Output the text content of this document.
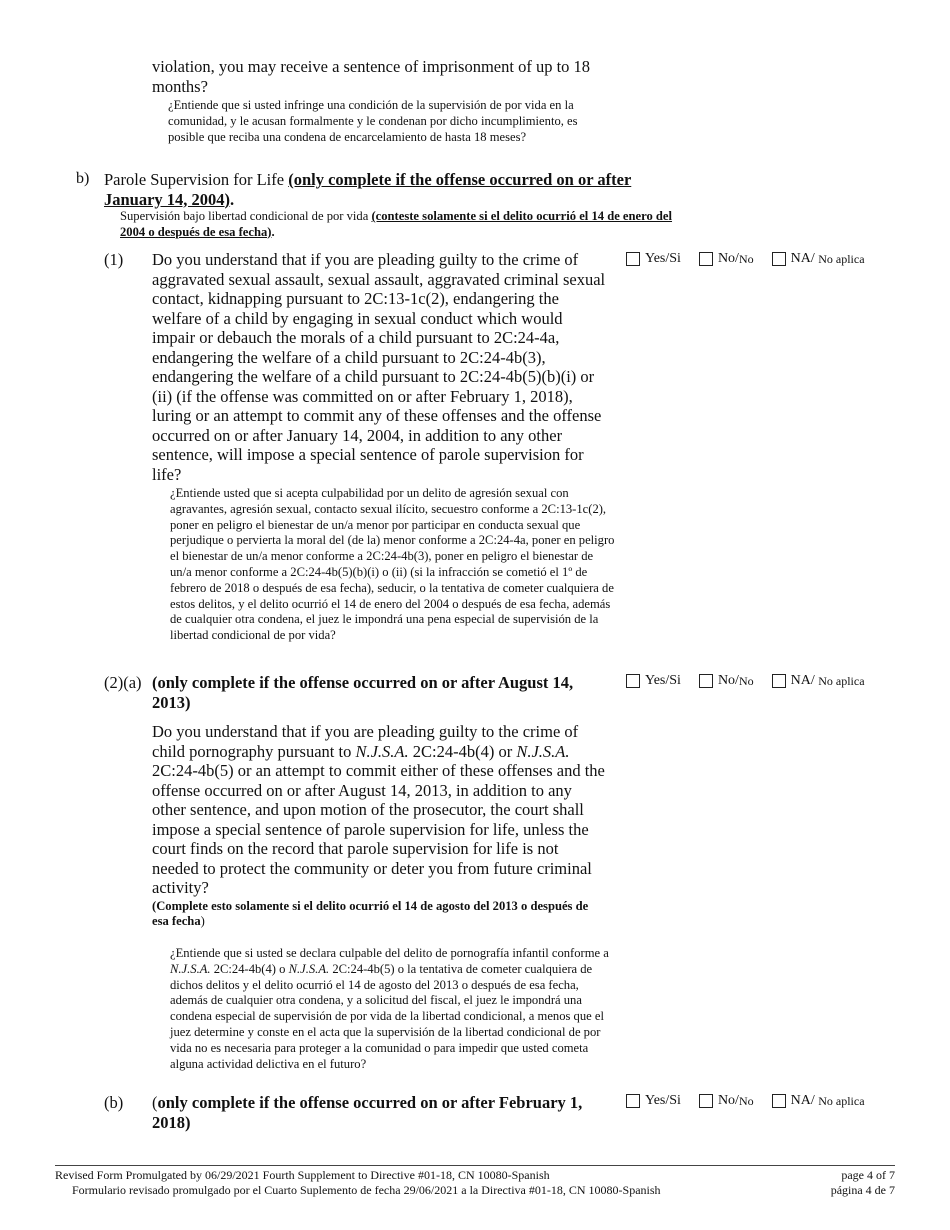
violation, you may receive a sentence of imprisonment of up to 18 months?

¿Entiende que si usted infringe una condición de la supervisión de por vida en la comunidad, y le acusan formalmente y le condenan por dicho incumplimiento, es posible que reciba una condena de encarcelamiento de hasta 18 meses?

b) Parole Supervision for Life (only complete if the offense occurred on or after January 14, 2004).
Supervisión bajo libertad condicional de por vida (conteste solamente si el delito ocurrió el 14 de enero del 2004 o después de esa fecha).
(1) Do you understand that if you are pleading guilty to the crime of aggravated sexual assault, sexual assault, aggravated criminal sexual contact, kidnapping pursuant to 2C:13-1c(2), endangering the welfare of a child by engaging in sexual conduct which would impair or debauch the morals of a child pursuant to 2C:24-4a, endangering the welfare of a child pursuant to 2C:24-4b(3), endangering the welfare of a child pursuant to 2C:24-4b(5)(b)(i) or (ii) (if the offense was committed on or after February 1, 2018), luring or an attempt to commit any of these offenses and the offense occurred on or after January 14, 2004, in addition to any other sentence, will impose a special sentence of parole supervision for life?

¿Entiende usted que si acepta culpabilidad por un delito de agresión sexual con agravantes, agresión sexual, contacto sexual ilícito, secuestro conforme a 2C:13-1c(2), poner en peligro el bienestar de un/a menor por participar en conducta sexual que perjudique o pervierta la moral del (de la) menor conforme a 2C:24-4a, poner en peligro el bienestar de un/a menor conforme a 2C:24-4b(3), poner en peligro el bienestar de un/a menor conforme a 2C:24-4b(5)(b)(i) o (ii) (si la infracción se cometió el 1º de febrero de 2018 o después de esa fecha), seducir, o la tentativa de cometer cualquiera de estos delitos, y el delito ocurrió el 14 de enero del 2004 o después de esa fecha, además de cualquier otra condena, el juez le impondrá una pena especial de supervisión de la libertad condicional de por vida?

Yes/Si	No/ No	NA/
No aplica
(2)(a) (only complete if the offense occurred on or after August 14, 2013)

Do you understand that if you are pleading guilty to the crime of child pornography pursuant to N.J.S.A. 2C:24-4b(4) or N.J.S.A. 2C:24-4b(5) or an attempt to commit either of these offenses and the offense occurred on or after August 14, 2013, in addition to any other sentence, and upon motion of the prosecutor, the court shall impose a special sentence of parole supervision for life, unless the court finds on the record that parole supervision for life is not needed to protect the community or deter you from future criminal activity?

(Complete esto solamente si el delito ocurrió el 14 de agosto del 2013 o después de esa fecha)

¿Entiende que si usted se declara culpable del delito de pornografía infantil conforme a N.J.S.A. 2C:24-4b(4) o N.J.S.A. 2C:24-4b(5) o la tentativa de cometer cualquiera de dichos delitos y el delito ocurrió el 14 de agosto del 2013 o después de esa fecha, además de cualquier otra condena, y a solicitud del fiscal, el juez le impondrá una condena especial de supervisión de por vida de la libertad condicional, a menos que el juez determine y conste en el acta que la supervisión de la libertad condicional de por vida no es necesaria para proteger a la comunidad o para impedir que usted cometa alguna actividad delictiva en el futuro?

Yes/Si	No/ No	NA/
No aplica
(b) (only complete if the offense occurred on or after February 1, 2018)

Yes/Si	No/ No	NA/
No aplica
Revised Form Promulgated by 06/29/2021 Fourth Supplement to Directive #01-18, CN 10080-Spanish	page 4 of 7
Formulario revisado promulgado por el Cuarto Suplemento de fecha 29/06/2021 a la Directiva #01-18, CN 10080-Spanish	página 4 de 7
